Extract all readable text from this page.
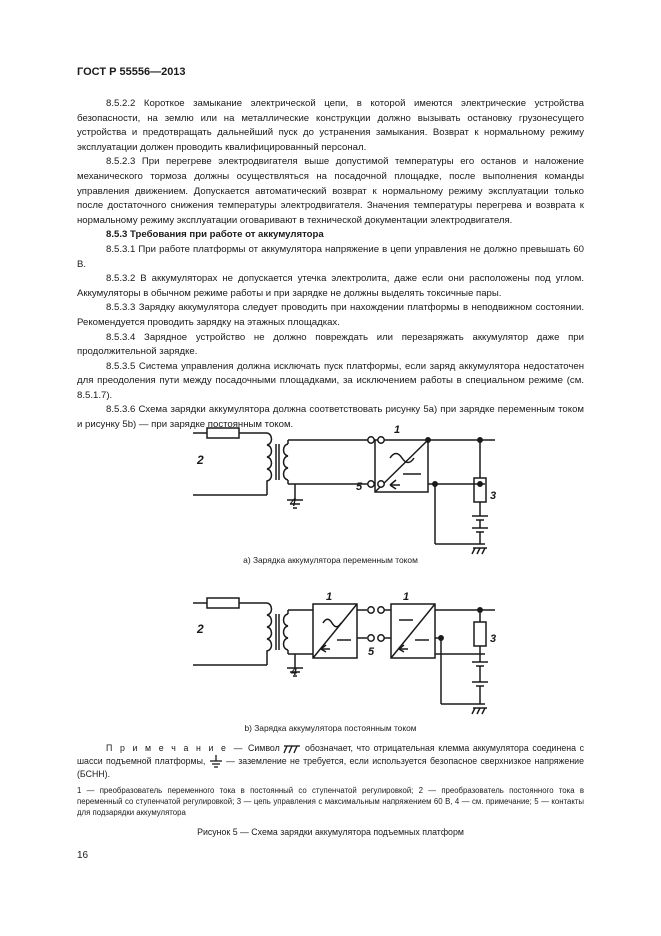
ГОСТ Р 55556—2013

8.5.2.2 Короткое замыкание электрической цепи, в которой имеются электрические устройства безопасности, на землю или на металлические конструкции должно вызывать остановку грузонесущего устройства и предотвращать дальнейший пуск до устранения замыкания. Возврат к нормальному режиму эксплуатации должен проводить квалифицированный персонал.

8.5.2.3 При перегреве электродвигателя выше допустимой температуры его останов и наложение механического тормоза должны осуществляться на посадочной площадке, после выполнения команды управления движением. Допускается автоматический возврат к нормальному режиму эксплуатации только после достаточного снижения температуры электродвигателя. Значения температуры перегрева и возврата к нормальному режиму эксплуатации оговаривают в технической документации электродвигателя.

8.5.3 Требования при работе от аккумулятора

8.5.3.1 При работе платформы от аккумулятора напряжение в цепи управления не должно превышать 60 В.

8.5.3.2 В аккумуляторах не допускается утечка электролита, даже если они расположены под углом. Аккумуляторы в обычном режиме работы и при зарядке не должны выделять токсичные пары.

8.5.3.3 Зарядку аккумулятора следует проводить при нахождении платформы в неподвижном состоянии. Рекомендуется проводить зарядку на этажных площадках.

8.5.3.4 Зарядное устройство не должно повреждать или перезаряжать аккумулятор даже при продолжительной зарядке.

8.5.3.5 Система управления должна исключать пуск платформы, если заряд аккумулятора недостаточен для преодоления пути между посадочными площадками, за исключением работы в специальном режиме (см. 8.5.1.7).

8.5.3.6 Схема зарядки аккумулятора должна соответствовать рисунку 5а) при зарядке переменным током и рисунку 5b) — при зарядке постоянным током.

2
1
3
4
5
а) Зарядка аккумулятора переменным током
2
1	1
3
4
5
b) Зарядка аккумулятора постоянным током
П р и м е ч а н и е — Символ  обозначает, что отрицательная клемма аккумулятора соединена с шасси подъемной платформы,  — заземление не требуется, если используется безопасное сверхнизкое напряжение (БСНН).

1 — преобразователь переменного тока в постоянный со ступенчатой регулировкой; 2 — преобразователь постоянного тока в переменный со ступенчатой регулировкой; 3 — цепь управления с максимальным напряжением 60 В, 4 — см. примечание; 5 — контакты для подзарядки аккумулятора

Рисунок 5 — Схема зарядки аккумулятора подъемных платформ
16
